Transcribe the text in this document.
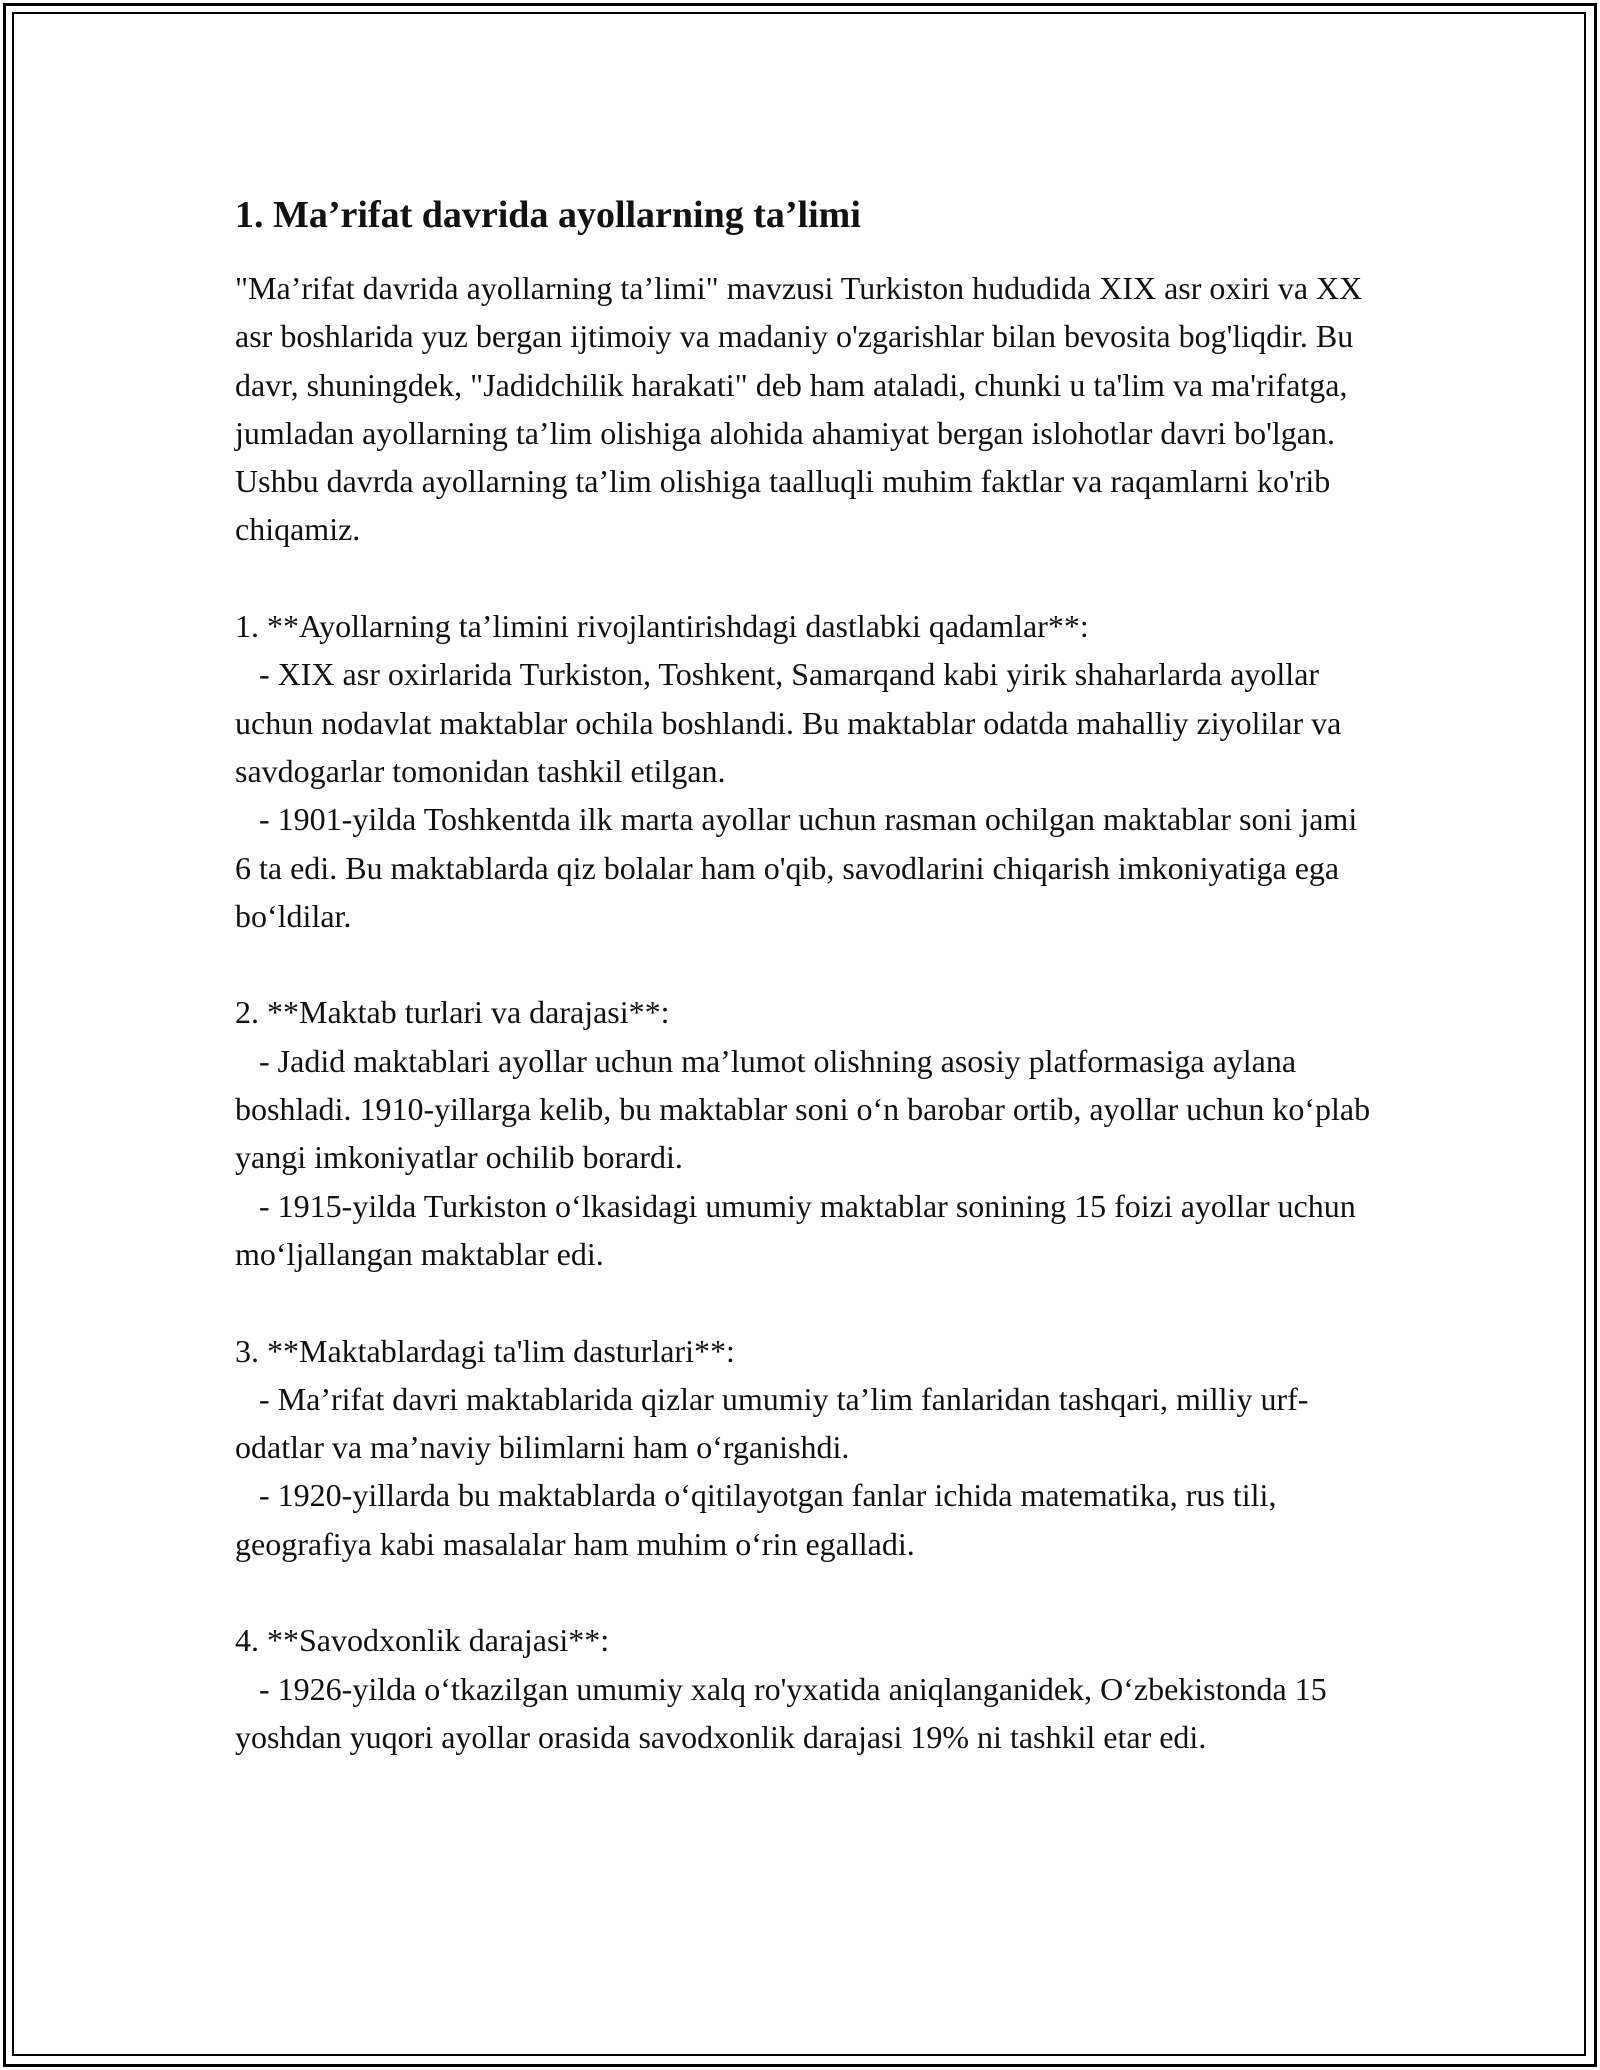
1. Ma’rifat davrida ayollarning ta’limi

"Ma’rifat davrida ayollarning ta’limi" mavzusi Turkiston hududida XIX asr oxiri va XX asr boshlarida yuz bergan ijtimoiy va madaniy o'zgarishlar bilan bevosita bog'liqdir. Bu davr, shuningdek, "Jadidchilik harakati" deb ham ataladi, chunki u ta'lim va ma'rifatga, jumladan ayollarning ta’lim olishiga alohida ahamiyat bergan islohotlar davri bo'lgan. Ushbu davrda ayollarning ta’lim olishiga taalluqli muhim faktlar va raqamlarni ko'rib chiqamiz.

1. **Ayollarning ta’limini rivojlantirishdagi dastlabki qadamlar**:

- XIX asr oxirlarida Turkiston, Toshkent, Samarqand kabi yirik shaharlarda ayollar uchun nodavlat maktablar ochila boshlandi. Bu maktablar odatda mahalliy ziyolilar va savdogarlar tomonidan tashkil etilgan.

- 1901-yilda Toshkentda ilk marta ayollar uchun rasman ochilgan maktablar soni jami 6 ta edi. Bu maktablarda qiz bolalar ham o'qib, savodlarini chiqarish imkoniyatiga ega bo‘ldilar.

2. **Maktab turlari va darajasi**:

- Jadid maktablari ayollar uchun ma’lumot olishning asosiy platformasiga aylana boshladi. 1910-yillarga kelib, bu maktablar soni o‘n barobar ortib, ayollar uchun ko‘plab yangi imkoniyatlar ochilib borardi.

- 1915-yilda Turkiston o‘lkasidagi umumiy maktablar sonining 15 foizi ayollar uchun mo‘ljallangan maktablar edi.

3. **Maktablardagi ta'lim dasturlari**:

- Ma’rifat davri maktablarida qizlar umumiy ta’lim fanlaridan tashqari, milliy urf-odatlar va ma’naviy bilimlarni ham o‘rganishdi.

- 1920-yillarda bu maktablarda o‘qitilayotgan fanlar ichida matematika, rus tili, geografiya kabi masalalar ham muhim o‘rin egalladi.

4. **Savodxonlik darajasi**:

- 1926-yilda o‘tkazilgan umumiy xalq ro'yxatida aniqlanganidek, O‘zbekistonda 15 yoshdan yuqori ayollar orasida savodxonlik darajasi 19% ni tashkil etar edi.
